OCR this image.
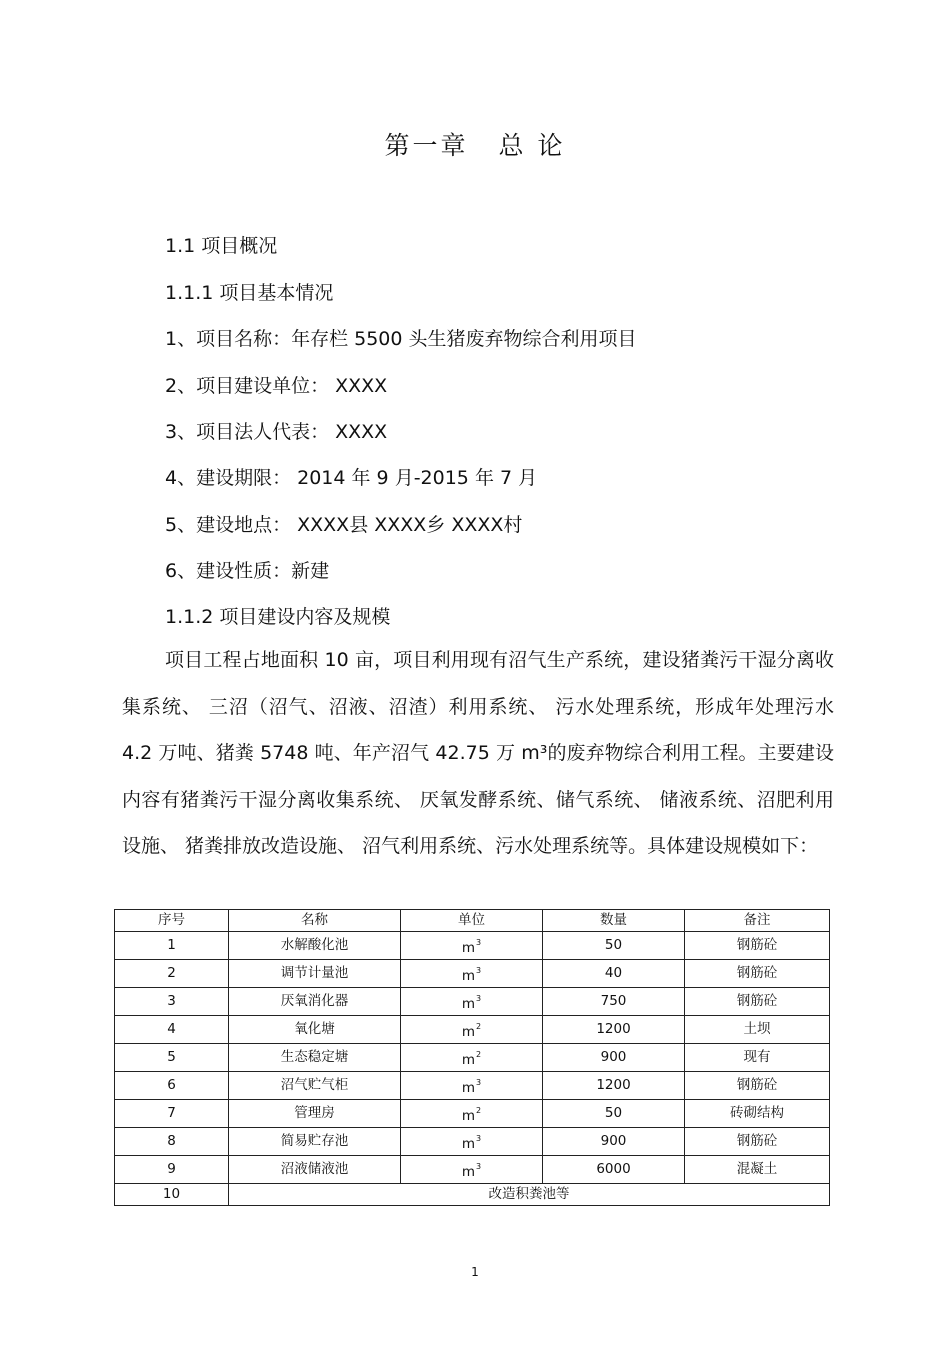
第一章 总 论
1.1 项目概况
1.1.1 项目基本情况
1、项目名称：年存栏 5500 头生猪废弃物综合利用项目
2、项目建设单位： XXXX
3、项目法人代表： XXXX
4、建设期限： 2014 年 9 月-2015 年 7 月
5、建设地点： XXXX县 XXXX乡 XXXX村
6、建设性质：新建
1.1.2 项目建设内容及规模
项目工程占地面积 10 亩，项目利用现有沼气生产系统，建设猪粪污干湿分离收集系统、 三沼（沼气、沼液、沼渣）利用系统、 污水处理系统，形成年处理污水 4.2 万吨、猪粪 5748 吨、年产沼气 42.75 万 m³的废弃物综合利用工程。主要建设内容有猪粪污干湿分离收集系统、 厌氧发酵系统、储气系统、 储液系统、沼肥利用设施、 猪粪排放改造设施、 沼气利用系统、污水处理系统等。具体建设规模如下：
序号	名称	单位	数量	备注
1	水解酸化池	$m^3$	50	钢筋砼
2	调节计量池	$m^3$	40	钢筋砼
3	厌氧消化器	$m^3$	750	钢筋砼
4	氧化塘	$m^2$	1200	土坝
5	生态稳定塘	$m^2$	900	现有
6	沼气贮气柜	$m^3$	1200	钢筋砼
7	管理房	$m^2$	50	砖砌结构
8	简易贮存池	$m^3$	900	钢筋砼
9	沼液储液池	$m^3$	6000	混凝土
10	改造积粪池等			
1
